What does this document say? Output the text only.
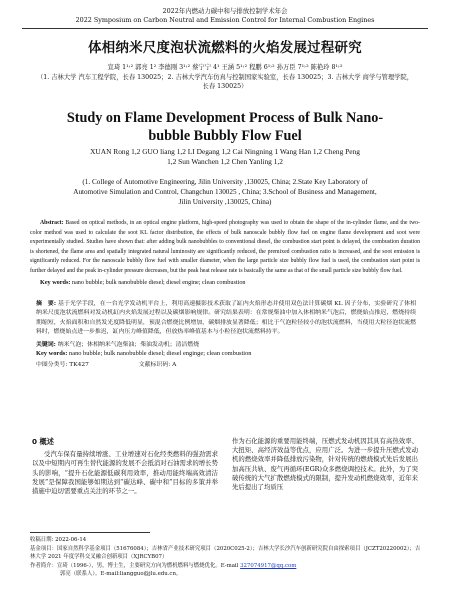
2022年内燃动力碳中和与排放控制学术年会
2022 Symposium on Carbon Neutral and Emission Control for Internal Combustion Engines
体相纳米尺度泡状流燃料的火焰发展过程研究
宣琦 1¹˒² 郭亮 1² 李德刚 3¹˒² 蔡宁宁 4¹ 王涵 5¹˒² 程鹏 6¹˒² 孙万臣 7¹˒² 陈艳玲 8¹˒²
（1. 吉林大学 汽车工程学院，长春 130025；2. 吉林大学汽车仿真与控制国家实验室，长春 130025；3. 吉林大学 商学与管理学院，长春 130025）
Study on Flame Development Process of Bulk Nano-
bubble Bubbly Flow Fuel
XUAN Rong 1,2 GUO liang 1,2 LI Degang 1,2 Cai Ningning 1 Wang Han 1,2 Cheng Peng 1,2 Sun Wanchen 1,2 Chen Yanling 1,2
(1. College of Automotive Engineering, Jilin University ,130025, China; 2.State Key Laboratory of Automotive Simulation and Control, Changchun 130025 , China; 3.School of Business and Management, Jilin University ,130025, China)
Abstract: Based on optical methods, in an optical engine platform, high-speed photography was used to obtain the shape of the in-cylinder flame, and the two-color method was used to calculate the soot KL factor distribution, the effects of bulk nanoscale bubbly flow fuel on engine flame development and soot were experimentally studied. Studies have shown that: after adding bulk nanobubbles to conventional diesel, the combustion start point is delayed, the combustion duration is shortened, the flame area and spatially integrated natural luminosity are significantly reduced, the premixed combustion ratio is increased, and the soot emission is significantly reduced. For the nanoscale bubbly flow fuel with smaller diameter, when the large particle size bubbly flow fuel is used, the combustion start point is further delayed and the peak in-cylinder pressure decreases, but the peak heat release rate is basically the same as that of the small particle size bubbly flow fuel.
Key words: nano bubble; bulk nanobubble diesel; diesel engine; clean combustion
摘　要: 基于光学手段，在一台光学发动机平台上，利用高速摄影技术获取了缸内火焰形态并使用双色法计算碳烟 KL 因子分布，实验研究了体相纳米尺度泡状流燃料对发动机缸内火焰发展过程以及碳烟影响规律。研究结果表明：在常规柴油中加入体相纳米气泡后，燃烧始点推迟，燃烧持续期缩短，火焰面积和自然发光度降低明显，预混合燃烧比例增加，碳烟排放显著降低；相比于气泡粒径较小的泡状流燃料，当使用大粒径泡状流燃料时，燃烧始点进一步推迟，缸内压力峰值降低，但放热率峰值基本与小粒径泡状流燃料持平。
关键词: 纳米气泡；体相纳米气泡柴油；柴油发动机；清洁燃烧
Key words: nano bubble; bulk nanobubble diesel; diesel enginge; clean combustion
中图分类号: TK427	文献标识码: A
0 概述
受汽车保有量持续增涨、工业增速对石化经类燃料的强劲需求以及中短期内可再生替代能源的发展不会抵消对石油需求的增长势头的影响，“提升石化能源低碳利用效率，推动用能终端高效清洁发展”是保障我国能够如期达到“碳达峰、碳中和”目标的多策并举措施中迫切需要重点关注的环节之一。
作为石化能源的重要用能终端，压燃式发动机因其具有高热效率、大扭矩、高经济效益等优点，应用广泛。为进一步提升压燃式发动机的燃烧效率并降低排放污染物，针对传统的燃烧模式先后发展出加高压共轨、废气再循环(EGR)众多燃烧调控技术。此外，为了突破传统的大气扩散燃烧模式的限制，提升发动机燃烧效率，近年来先后提出了均质压
收稿日期: 2022-06-14
基金项目：国家自然科学基金项目（51676084）；吉林省产业技术研究项目（2020C025-2）；吉林大学长沙汽车创新研究院自由探索项目（JCZT20220002）；吉林大学 2021 年度学科交叉融合创新项目（XJRCYB07）
作者简介：宣琦（1996-），男，博士生，主要研究方向为燃机燃料与燃烧优化。E-mail 327074917@qq.com
郭亮（联系人）。E-mail:liangguo@jlu.edu.cn。
